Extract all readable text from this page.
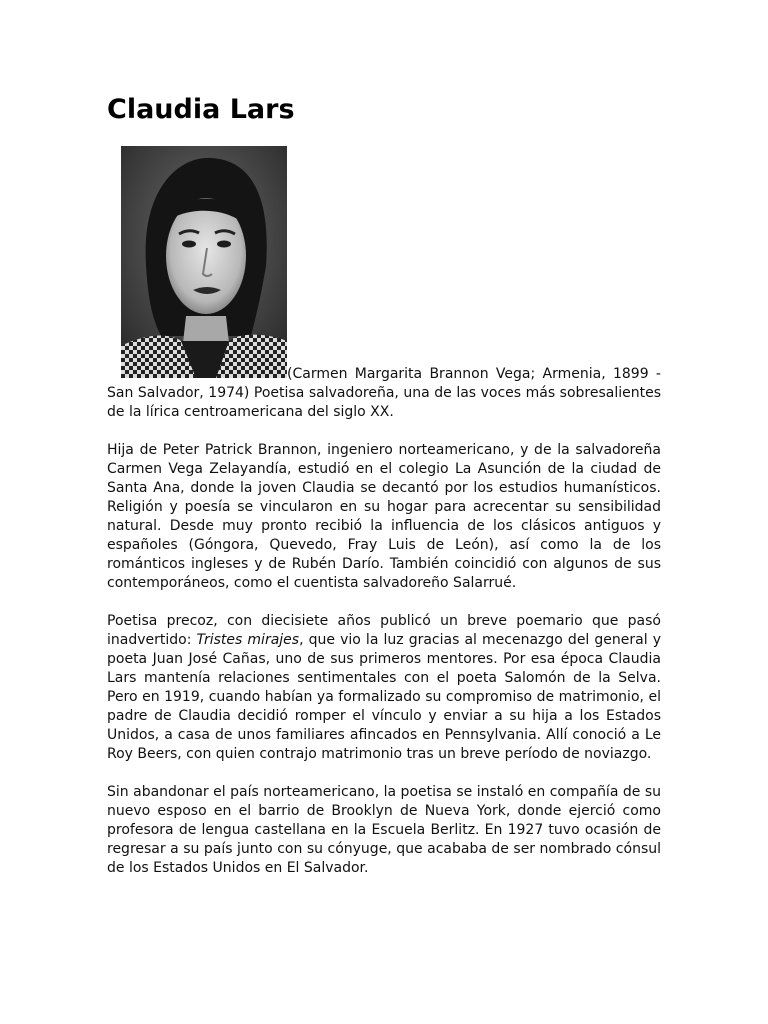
Claudia Lars

(Carmen Margarita Brannon Vega; Armenia, 1899 - San Salvador, 1974) Poetisa salvadoreña, una de las voces más sobresalientes de la lírica centroamericana del siglo XX.

Hija de Peter Patrick Brannon, ingeniero norteamericano, y de la salvadoreña Carmen Vega Zelayandía, estudió en el colegio La Asunción de la ciudad de Santa Ana, donde la joven Claudia se decantó por los estudios humanísticos. Religión y poesía se vincularon en su hogar para acrecentar su sensibilidad natural. Desde muy pronto recibió la influencia de los clásicos antiguos y españoles (Góngora, Quevedo, Fray Luis de León), así como la de los románticos ingleses y de Rubén Darío. También coincidió con algunos de sus contemporáneos, como el cuentista salvadoreño Salarrué.

Poetisa precoz, con diecisiete años publicó un breve poemario que pasó inadvertido: Tristes mirajes, que vio la luz gracias al mecenazgo del general y poeta Juan José Cañas, uno de sus primeros mentores. Por esa época Claudia Lars mantenía relaciones sentimentales con el poeta Salomón de la Selva. Pero en 1919, cuando habían ya formalizado su compromiso de matrimonio, el padre de Claudia decidió romper el vínculo y enviar a su hija a los Estados Unidos, a casa de unos familiares afincados en Pennsylvania. Allí conoció a Le Roy Beers, con quien contrajo matrimonio tras un breve período de noviazgo.

Sin abandonar el país norteamericano, la poetisa se instaló en compañía de su nuevo esposo en el barrio de Brooklyn de Nueva York, donde ejerció como profesora de lengua castellana en la Escuela Berlitz. En 1927 tuvo ocasión de regresar a su país junto con su cónyuge, que acababa de ser nombrado cónsul de los Estados Unidos en El Salvador.
